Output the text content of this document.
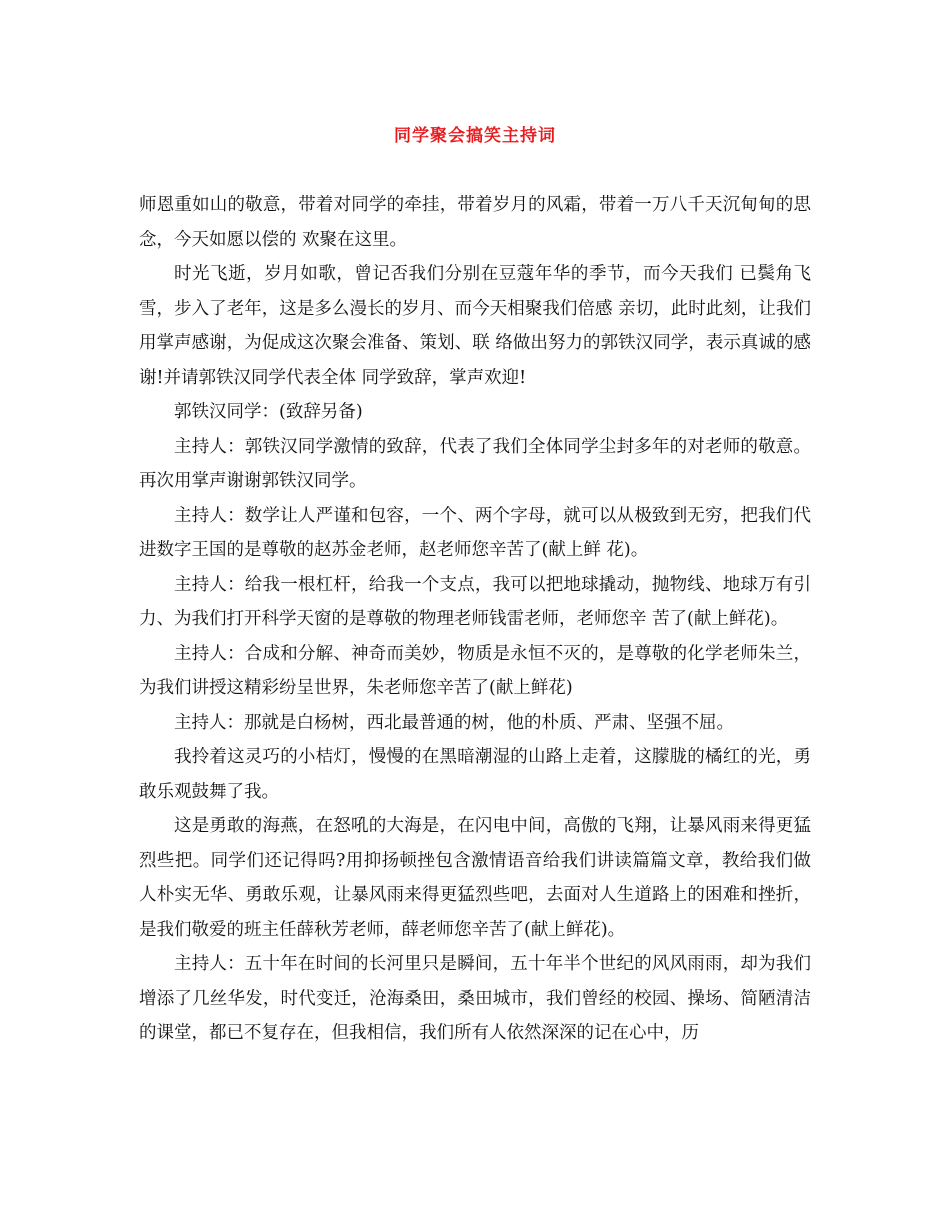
同学聚会搞笑主持词

师恩重如山的敬意，带着对同学的牵挂，带着岁月的风霜，带着一万八千天沉甸甸的思念，今天如愿以偿的 欢聚在这里。

时光飞逝，岁月如歌，曾记否我们分别在豆蔻年华的季节，而今天我们 已鬓角飞雪，步入了老年，这是多么漫长的岁月、而今天相聚我们倍感 亲切，此时此刻，让我们用掌声感谢，为促成这次聚会准备、策划、联 络做出努力的郭铁汉同学，表示真诚的感谢!并请郭铁汉同学代表全体 同学致辞，掌声欢迎!

郭铁汉同学：(致辞另备)

主持人：郭铁汉同学激情的致辞，代表了我们全体同学尘封多年的对老师的敬意。再次用掌声谢谢郭铁汉同学。

主持人：数学让人严谨和包容，一个、两个字母，就可以从极致到无穷，把我们代进数字王国的是尊敬的赵苏金老师，赵老师您辛苦了(献上鲜 花)。

主持人：给我一根杠杆，给我一个支点，我可以把地球撬动，抛物线、地球万有引力、为我们打开科学天窗的是尊敬的物理老师钱雷老师，老师您辛 苦了(献上鲜花)。

主持人：合成和分解、神奇而美妙，物质是永恒不灭的，是尊敬的化学老师朱兰，为我们讲授这精彩纷呈世界，朱老师您辛苦了(献上鲜花)

主持人：那就是白杨树，西北最普通的树，他的朴质、严肃、坚强不屈。

我拎着这灵巧的小桔灯，慢慢的在黑暗潮湿的山路上走着，这朦胧的橘红的光，勇敢乐观鼓舞了我。

这是勇敢的海燕，在怒吼的大海是，在闪电中间，高傲的飞翔，让暴风雨来得更猛烈些把。同学们还记得吗?用抑扬顿挫包含激情语音给我们讲读篇篇文章，教给我们做人朴实无华、勇敢乐观，让暴风雨来得更猛烈些吧，去面对人生道路上的困难和挫折，是我们敬爱的班主任薛秋芳老师，薛老师您辛苦了(献上鲜花)。

主持人：五十年在时间的长河里只是瞬间，五十年半个世纪的风风雨雨，却为我们增添了几丝华发，时代变迁，沧海桑田，桑田城市，我们曾经的校园、操场、简陋清洁的课堂，都已不复存在，但我相信，我们所有人依然深深的记在心中，历
